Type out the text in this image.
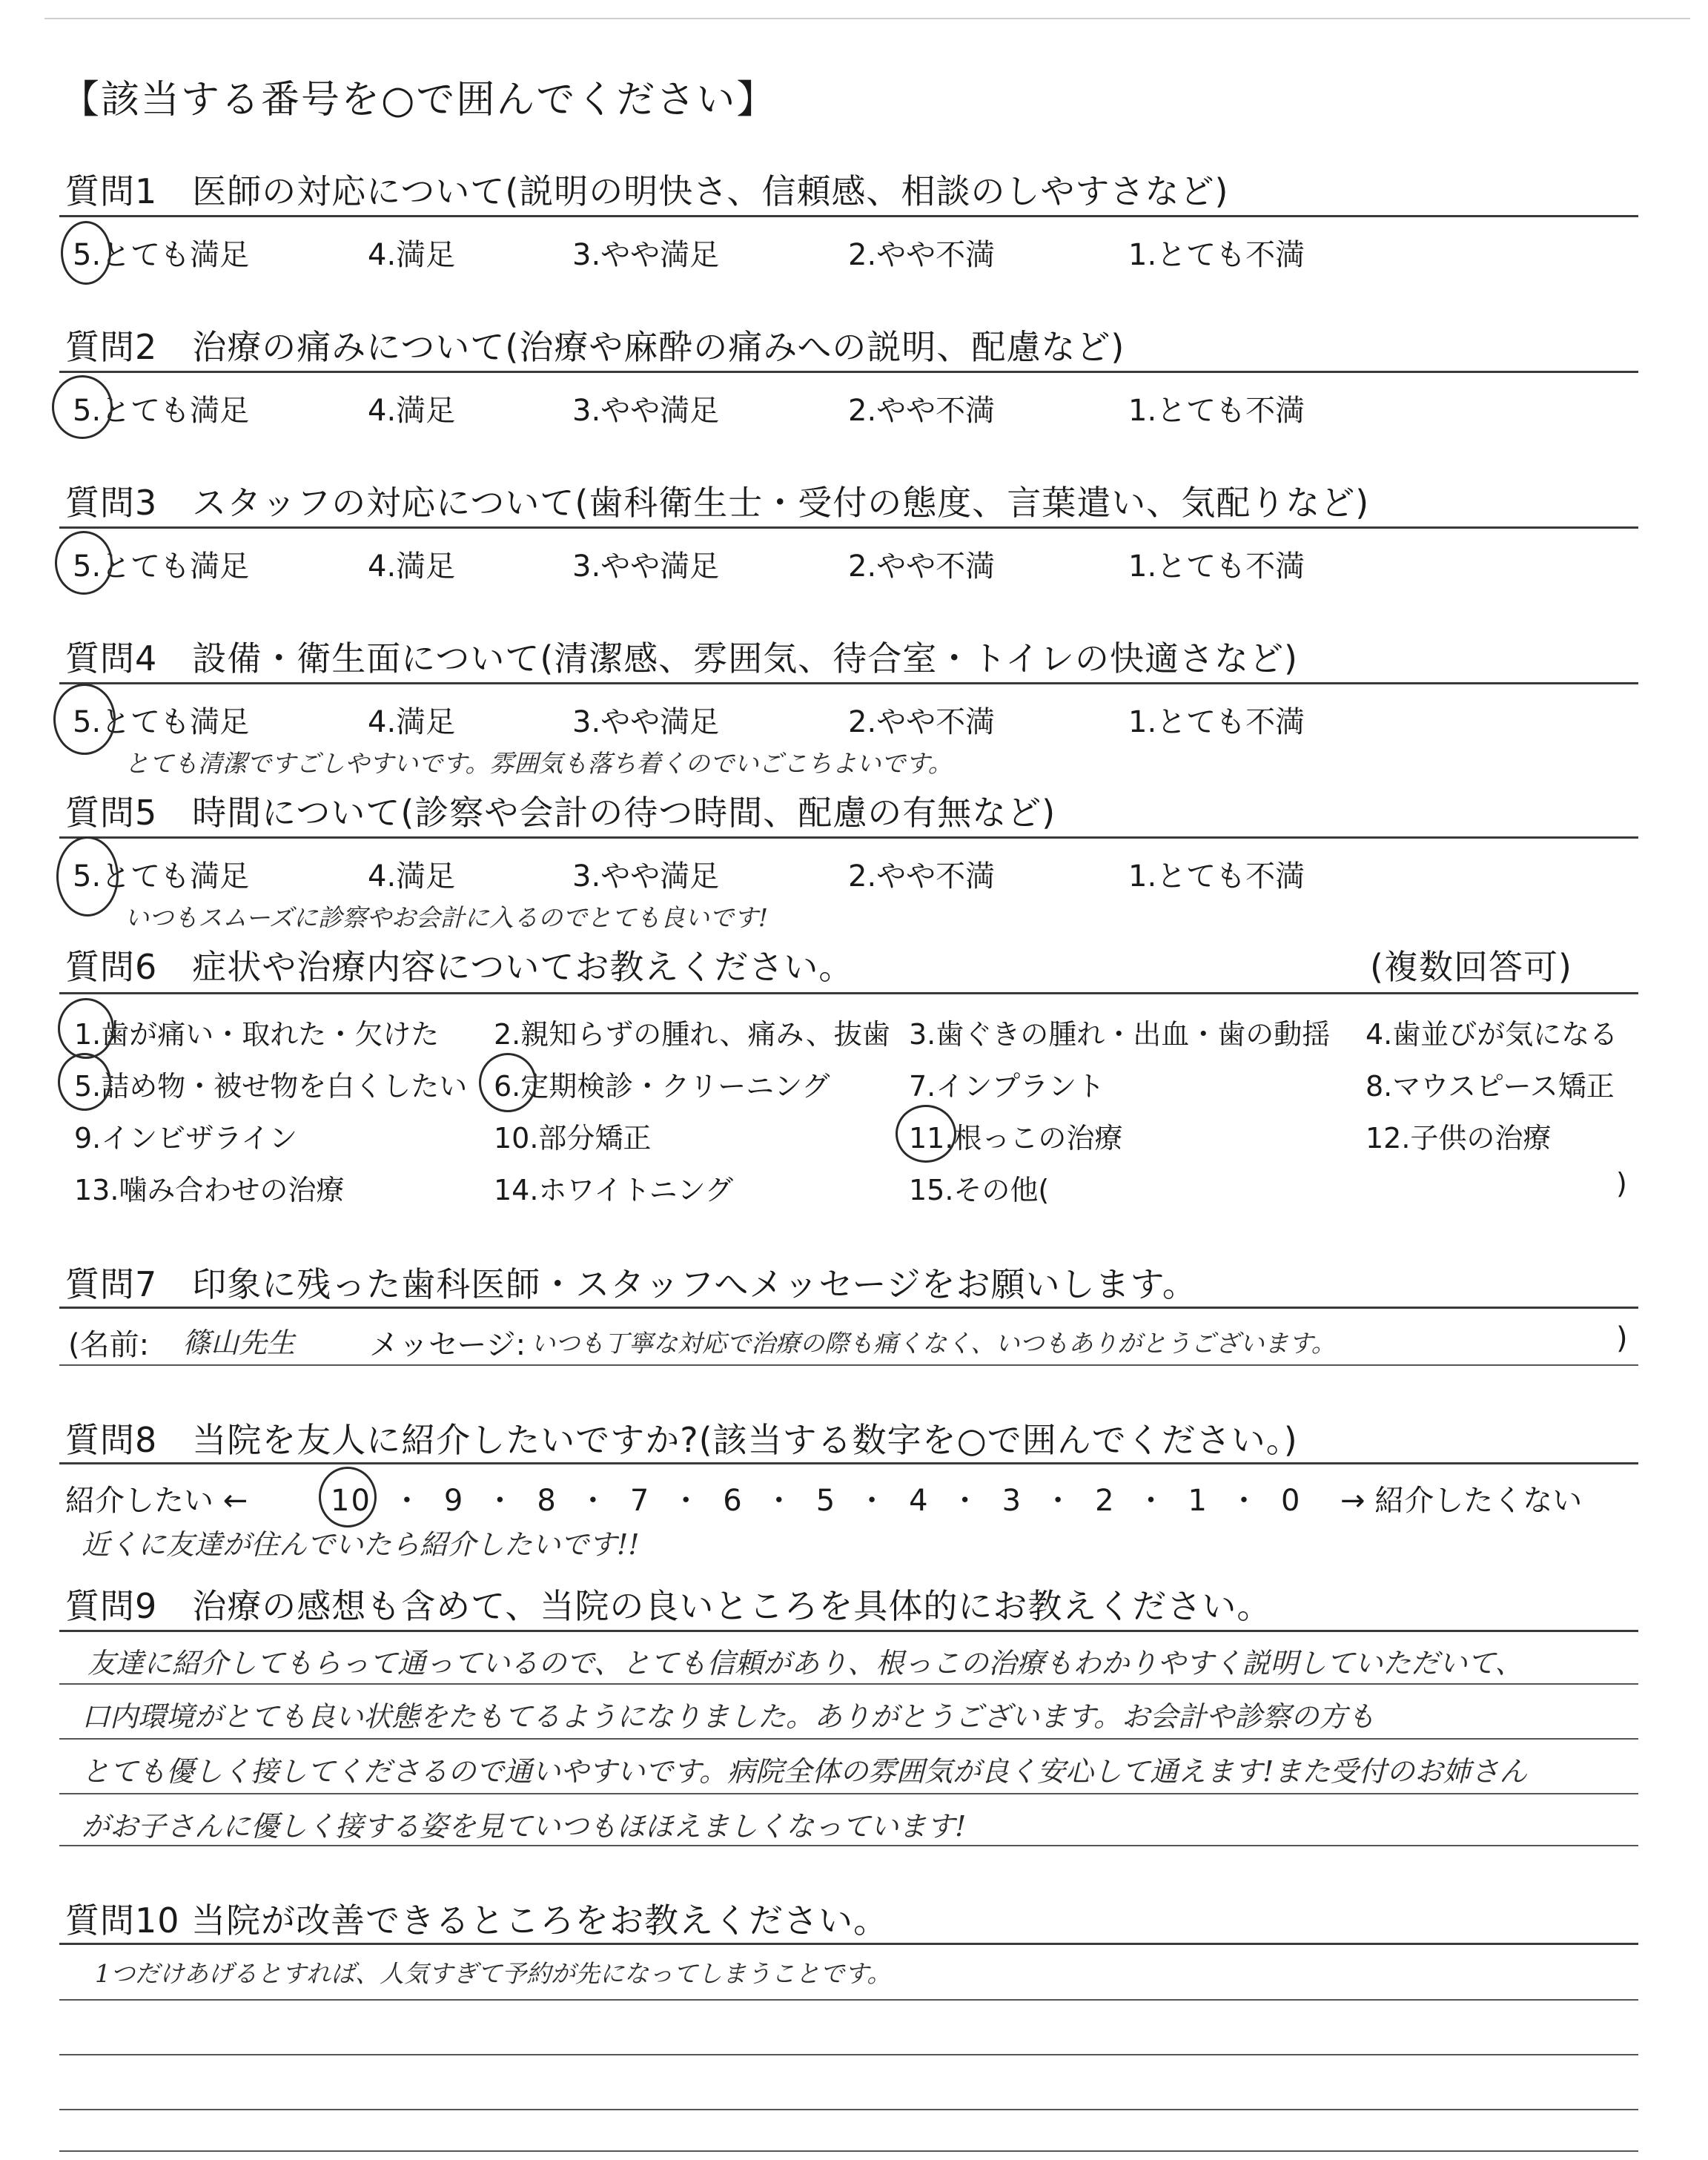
【該当する番号を○で囲んでください】
質問1　医師の対応について(説明の明快さ、信頼感、相談のしやすさなど)
5.とても満足	4.満足	3.やや満足	2.やや不満	1.とても不満
質問2　治療の痛みについて(治療や麻酔の痛みへの説明、配慮など)
5.とても満足	4.満足	3.やや満足	2.やや不満	1.とても不満
質問3　スタッフの対応について(歯科衛生士・受付の態度、言葉遣い、気配りなど)
5.とても満足	4.満足	3.やや満足	2.やや不満	1.とても不満
質問4　設備・衛生面について(清潔感、雰囲気、待合室・トイレの快適さなど)
5.とても満足	4.満足	3.やや満足	2.やや不満	1.とても不満
とても清潔ですごしやすいです。雰囲気も落ち着くのでいごこちよいです。
質問5　時間について(診察や会計の待つ時間、配慮の有無など)
5.とても満足	4.満足	3.やや満足	2.やや不満	1.とても不満
いつもスムーズに診察やお会計に入るのでとても良いです!
質問6　症状や治療内容についてお教えください。	(複数回答可)
1.歯が痛い・取れた・欠けた 2.親知らずの腫れ、痛み、抜歯 3.歯ぐきの腫れ・出血・歯の動揺 4.歯並びが気になる
5.詰め物・被せ物を白くしたい 6.定期検診・クリーニング	7.インプラント	8.マウスピース矯正
9.インビザライン	10.部分矯正	11.根っこの治療	12.子供の治療
13.噛み合わせの治療	14.ホワイトニング	15.その他(	)
質問7　印象に残った歯科医師・スタッフへメッセージをお願いします。
(名前: 篠山先生 メッセージ: いつも丁寧な対応で治療の際も痛くなく、いつもありがとうございます。	)
質問8　当院を友人に紹介したいですか?(該当する数字を○で囲んでください。)
紹介したい ←	10 ・ 9 ・ 8 ・ 7 ・ 6 ・ 5 ・ 4 ・ 3 ・ 2 ・ 1 ・ 0 → 紹介したくない
近くに友達が住んでいたら紹介したいです!!
質問9　治療の感想も含めて、当院の良いところを具体的にお教えください。
友達に紹介してもらって通っているので、とても信頼があり、根っこの治療もわかりやすく説明していただいて、
口内環境がとても良い状態をたもてるようになりました。ありがとうございます。お会計や診察の方も
とても優しく接してくださるので通いやすいです。病院全体の雰囲気が良く安心して通えます!また受付のお姉さん
がお子さんに優しく接する姿を見ていつもほほえましくなっています!
質問10 当院が改善できるところをお教えください。
1つだけあげるとすれば、人気すぎて予約が先になってしまうことです。
